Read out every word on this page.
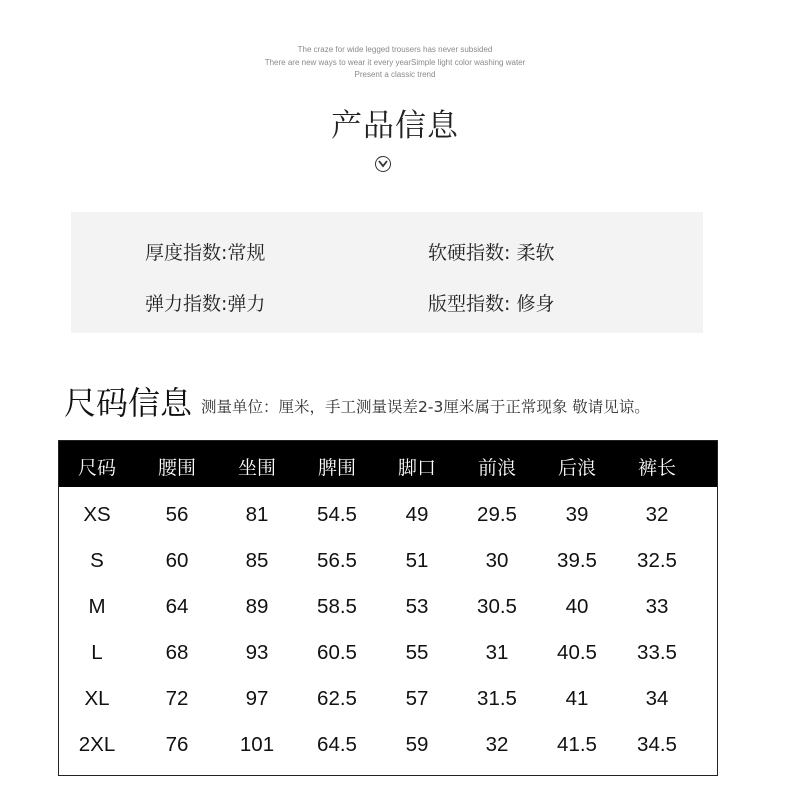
The craze for wide legged trousers has never subsided
There are new ways to wear it every yearSimple light color washing water
Present a classic trend
产品信息
厚度指数:常规	软硬指数: 柔软
弹力指数:弹力	版型指数: 修身
尺码信息 测量单位：厘米，手工测量误差2-3厘米属于正常现象 敬请见谅。
尺码	腰围	坐围	脾围	脚口	前浪	后浪	裤长
XS	56	81	54.5	49	29.5	39	32
S	60	85	56.5	51	30	39.5	32.5
M	64	89	58.5	53	30.5	40	33
L	68	93	60.5	55	31	40.5	33.5
XL	72	97	62.5	57	31.5	41	34
2XL	76	101	64.5	59	32	41.5	34.5
